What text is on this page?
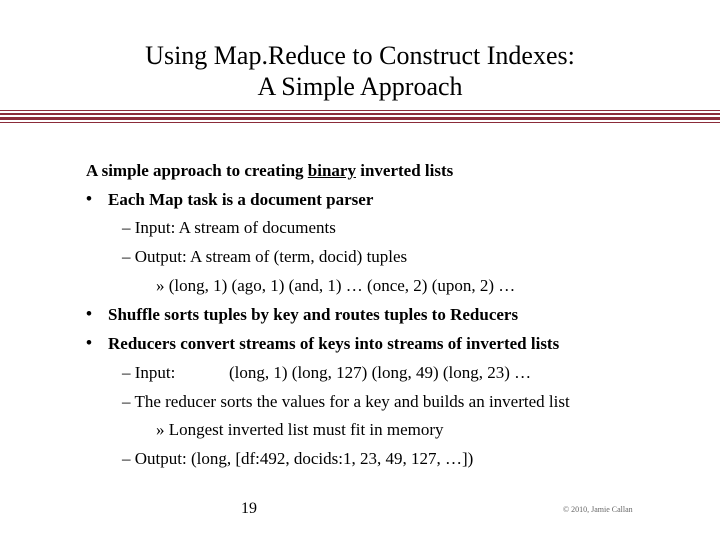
Using Map.Reduce to Construct Indexes:
A Simple Approach
A simple approach to creating binary inverted lists
• Each Map task is a document parser
– Input: A stream of documents
– Output: A stream of (term, docid) tuples
» (long, 1) (ago, 1) (and, 1) … (once, 2) (upon, 2) …
• Shuffle sorts tuples by key and routes tuples to Reducers
• Reducers convert streams of keys into streams of inverted lists
– Input:	(long, 1) (long, 127) (long, 49) (long, 23) …
– The reducer sorts the values for a key and builds an inverted list
» Longest inverted list must fit in memory
– Output: (long, [df:492, docids:1, 23, 49, 127, …])
19	© 2010, Jamie Callan
